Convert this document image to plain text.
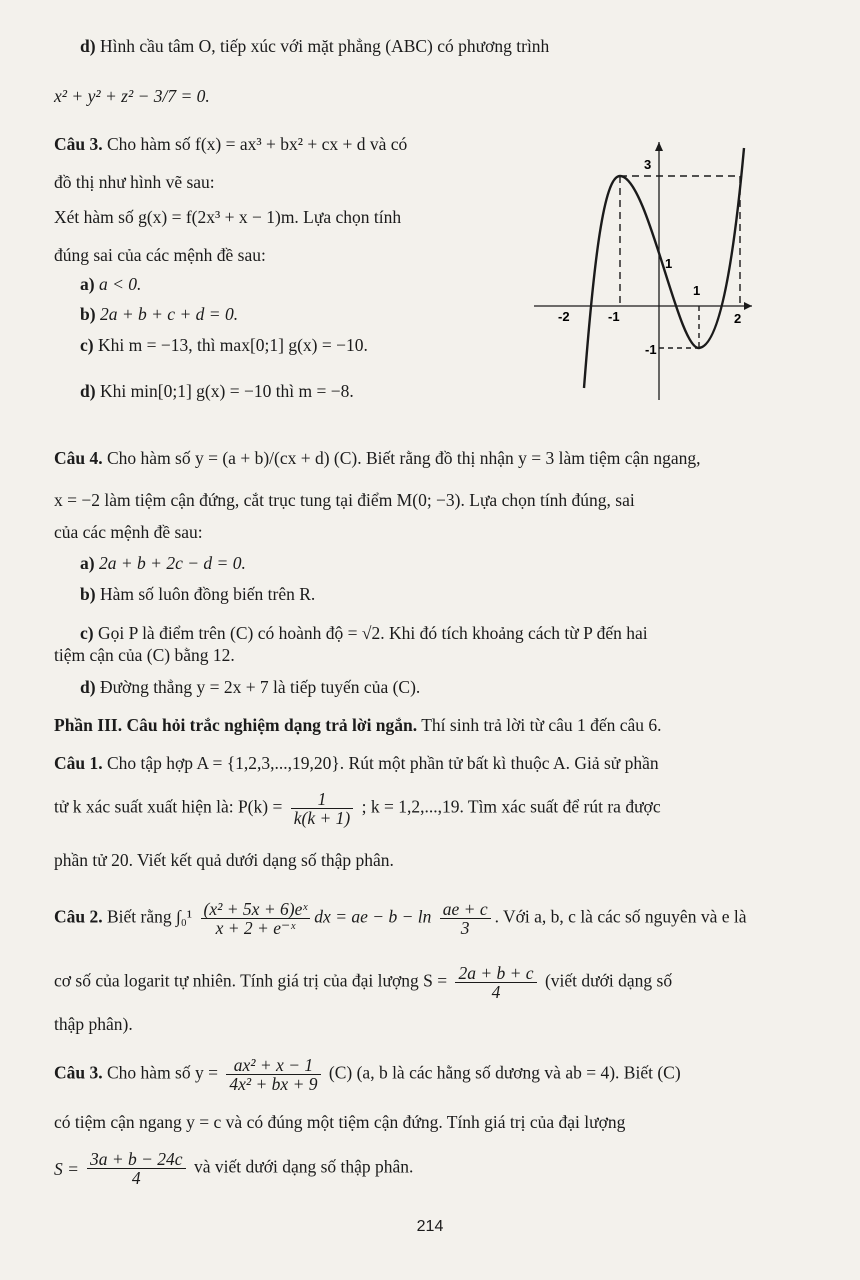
d) Hình cầu tâm O, tiếp xúc với mặt phẳng (ABC) có phương trình
x² + y² + z² − 3/7 = 0.
Câu 3. Cho hàm số f(x) = ax³ + bx² + cx + d và có
đồ thị như hình vẽ sau:
Xét hàm số g(x) = f(2x³ + x − 1)m. Lựa chọn tính
đúng sai của các mệnh đề sau:
a) a < 0.
b) 2a + b + c + d = 0.
c) Khi m = −13, thì max[0;1] g(x) = −10.
d) Khi min[0;1] g(x) = −10 thì m = −8.
3
1
1
-1
-2	-1	2
Câu 4. Cho hàm số y = (a + b)/(cx + d) (C). Biết rằng đồ thị nhận y = 3 làm tiệm cận ngang,
x = −2 làm tiệm cận đứng, cắt trục tung tại điểm M(0; −3). Lựa chọn tính đúng, sai
của các mệnh đề sau:
a) 2a + b + 2c − d = 0.
b) Hàm số luôn đồng biến trên R.
c) Gọi P là điểm trên (C) có hoành độ = √2. Khi đó tích khoảng cách từ P đến hai
tiệm cận của (C) bằng 12.
d) Đường thẳng y = 2x + 7 là tiếp tuyến của (C).
Phần III. Câu hỏi trắc nghiệm dạng trả lời ngắn. Thí sinh trả lời từ câu 1 đến câu 6.
Câu 1. Cho tập hợp A = {1,2,3,...,19,20}. Rút một phần tử bất kì thuộc A. Giả sử phần
tử k xác suất xuất hiện là: $P(k) = \frac{1}{k(k + 1)}$ ; k = 1,2,...,19. Tìm xác suất để rút ra được
phần tử 20. Viết kết quả dưới dạng số thập phân.
Câu 2. Biết rằng $\int_0^1 \frac{\text{(x² + 5x + 6)eˣ}}{\text{x + 2 + e⁻ˣ}}$ dx = ae − $b - \ln \frac{ae + c}{3}$ . Với a, b, c là các số nguyên và e là
cơ số của logarit tự nhiên. Tính giá trị của đại lượng $S = \frac{2a + b + c}{4}$ (viết dưới dạng số
thập phân).
Câu 3. Cho hàm số $y = \frac{\text{ax² + x − 1}}{\text{4x² + bx + 9}} (C)$ (a, b là các hằng số dương và ab = 4). Biết (C)
có tiệm cận ngang y = c và có đúng một tiệm cận đứng. Tính giá trị của đại lượng
$S = \frac{3a + b - 24c}{4}$ và viết dưới dạng số thập phân.
214
